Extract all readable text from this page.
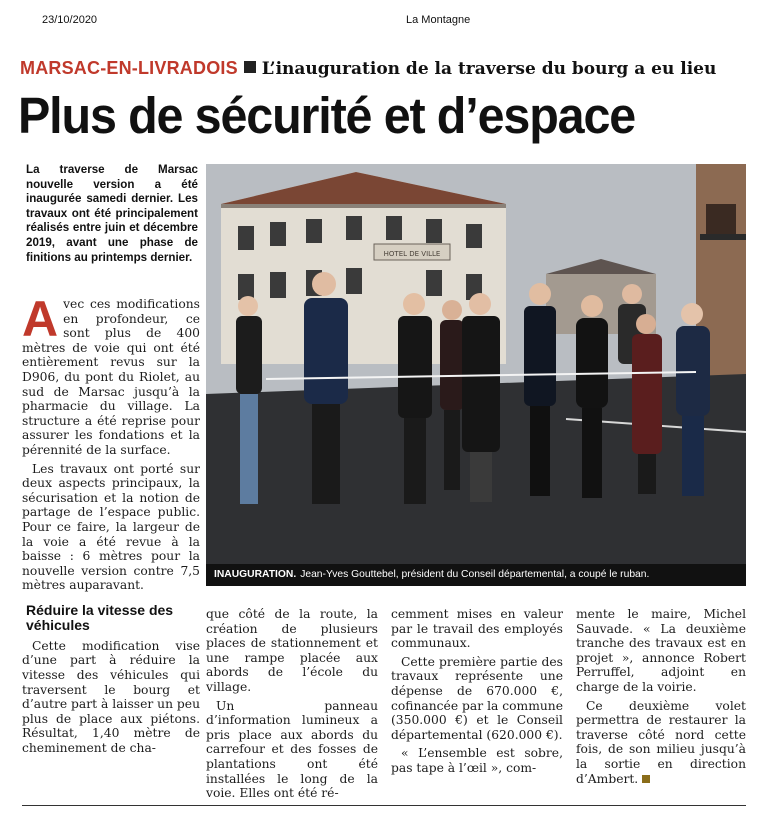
23/10/2020	La Montagne
MARSAC-EN-LIVRADOIS L’inauguration de la traverse du bourg a eu lieu
Plus de sécurité et d’espace
La traverse de Marsac nouvelle version a été inaugurée samedi dernier. Les travaux ont été principalement réalisés entre juin et décembre 2019, avant une phase de finitions au printemps dernier.

Avec ces modifications en profondeur, ce sont plus de 400 mètres de voie qui ont été entièrement revus sur la D906, du pont du Riolet, au sud de Marsac jusqu’à la pharmacie du village. La structure a été reprise pour assurer les fondations et la pérennité de la surface.

Les travaux ont porté sur deux aspects principaux, la sécurisation et la notion de partage de l’espace public. Pour ce faire, la largeur de la voie a été revue à la baisse : 6 mètres pour la nouvelle version contre 7,5 mètres auparavant.

Réduire la vitesse des véhicules

Cette modification vise d’une part à réduire la vitesse des véhicules qui traversent le bourg et d’autre part à laisser un peu plus de place aux piétons. Résultat, 1,40 mètre de cheminement de cha-

HOTEL DE VILLE
INAUGURATION. Jean-Yves Gouttebel, président du Conseil départemental, a coupé le ruban.

que côté de la route, la création de plusieurs places de stationnement et une rampe placée aux abords de l’école du village.

Un panneau d’information lumineux a pris place aux abords du carrefour et des fosses de plantations ont été installées le long de la voie. Elles ont été ré-

cemment mises en valeur par le travail des employés communaux.

Cette première partie des travaux représente une dépense de 670.000 €, cofinancée par la commune (350.000 €) et le Conseil départemental (620.000 €).

« L’ensemble est sobre, pas tape à l’œil », com-

mente le maire, Michel Sauvade. « La deuxième tranche des travaux est en projet », annonce Robert Perruffel, adjoint en charge de la voirie.

Ce deuxième volet permettra de restaurer la traverse côté nord cette fois, de son milieu jusqu’à la sortie en direction d’Ambert.
